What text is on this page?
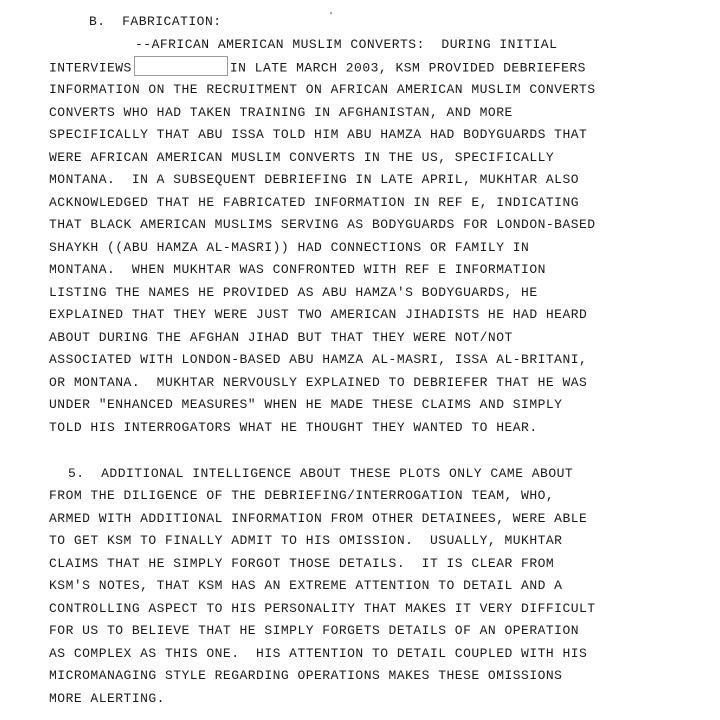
B.  FABRICATION:
--AFRICAN AMERICAN MUSLIM CONVERTS:  DURING INITIAL
INTERVIEWS	IN LATE MARCH 2003, KSM PROVIDED DEBRIEFERS
INFORMATION ON THE RECRUITMENT ON AFRICAN AMERICAN MUSLIM CONVERTS
CONVERTS WHO HAD TAKEN TRAINING IN AFGHANISTAN, AND MORE
SPECIFICALLY THAT ABU ISSA TOLD HIM ABU HAMZA HAD BODYGUARDS THAT
WERE AFRICAN AMERICAN MUSLIM CONVERTS IN THE US, SPECIFICALLY
MONTANA.  IN A SUBSEQUENT DEBRIEFING IN LATE APRIL, MUKHTAR ALSO
ACKNOWLEDGED THAT HE FABRICATED INFORMATION IN REF E, INDICATING
THAT BLACK AMERICAN MUSLIMS SERVING AS BODYGUARDS FOR LONDON-BASED
SHAYKH ((ABU HAMZA AL-MASRI)) HAD CONNECTIONS OR FAMILY IN
MONTANA.  WHEN MUKHTAR WAS CONFRONTED WITH REF E INFORMATION
LISTING THE NAMES HE PROVIDED AS ABU HAMZA'S BODYGUARDS, HE
EXPLAINED THAT THEY WERE JUST TWO AMERICAN JIHADISTS HE HAD HEARD
ABOUT DURING THE AFGHAN JIHAD BUT THAT THEY WERE NOT/NOT
ASSOCIATED WITH LONDON-BASED ABU HAMZA AL-MASRI, ISSA AL-BRITANI,
OR MONTANA.  MUKHTAR NERVOUSLY EXPLAINED TO DEBRIEFER THAT HE WAS
UNDER "ENHANCED MEASURES" WHEN HE MADE THESE CLAIMS AND SIMPLY
TOLD HIS INTERROGATORS WHAT HE THOUGHT THEY WANTED TO HEAR.
5.  ADDITIONAL INTELLIGENCE ABOUT THESE PLOTS ONLY CAME ABOUT
FROM THE DILIGENCE OF THE DEBRIEFING/INTERROGATION TEAM, WHO,
ARMED WITH ADDITIONAL INFORMATION FROM OTHER DETAINEES, WERE ABLE
TO GET KSM TO FINALLY ADMIT TO HIS OMISSION.  USUALLY, MUKHTAR
CLAIMS THAT HE SIMPLY FORGOT THOSE DETAILS.  IT IS CLEAR FROM
KSM'S NOTES, THAT KSM HAS AN EXTREME ATTENTION TO DETAIL AND A
CONTROLLING ASPECT TO HIS PERSONALITY THAT MAKES IT VERY DIFFICULT
FOR US TO BELIEVE THAT HE SIMPLY FORGETS DETAILS OF AN OPERATION
AS COMPLEX AS THIS ONE.  HIS ATTENTION TO DETAIL COUPLED WITH HIS
MICROMANAGING STYLE REGARDING OPERATIONS MAKES THESE OMISSIONS
MORE ALERTING.
